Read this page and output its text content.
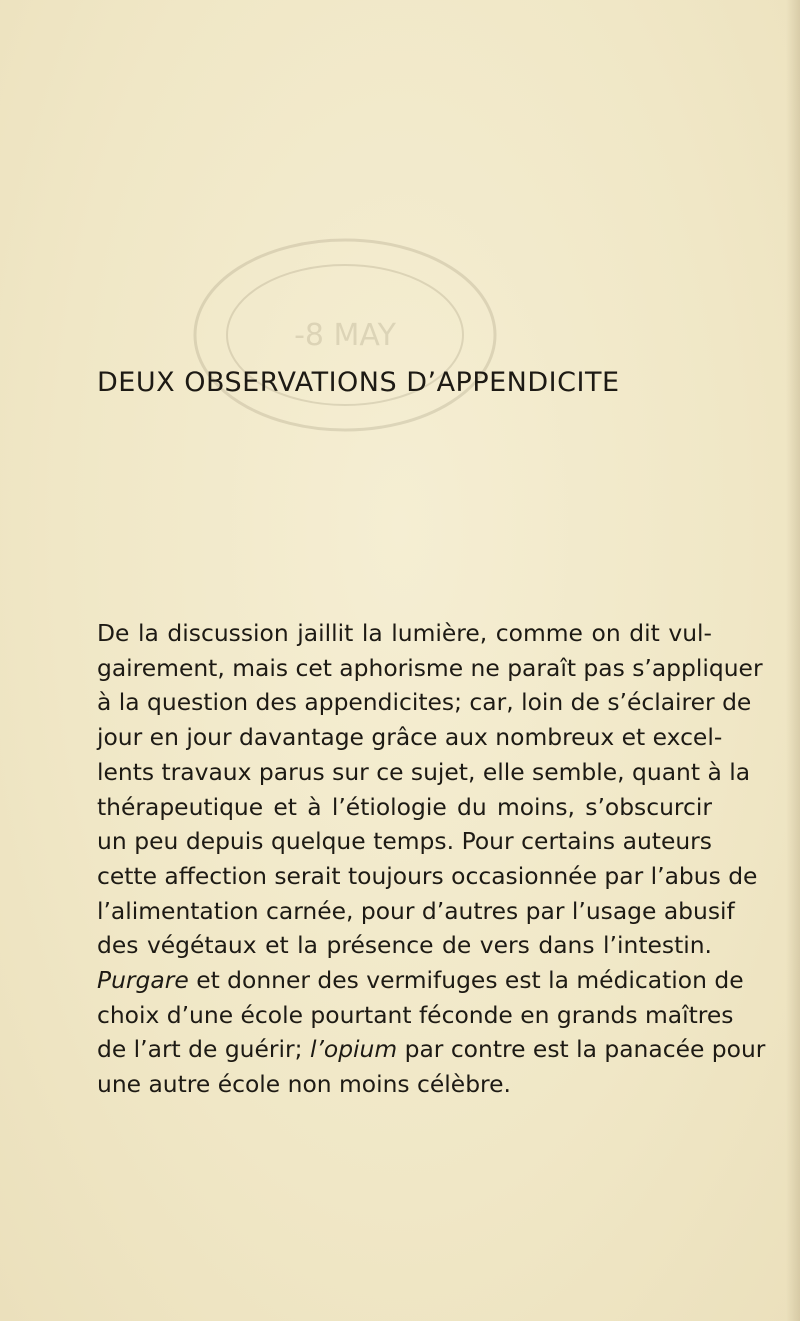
-8 MAY
DEUX OBSERVATIONS D’APPENDICITE

De la discussion jaillit la lumière, comme on dit vul-
gairement, mais cet aphorisme ne paraît pas s’appliquer
à la question des appendicites; car, loin de s’éclairer de
jour en jour davantage grâce aux nombreux et excel-
lents travaux parus sur ce sujet, elle semble, quant à la
thérapeutique et à l’étiologie du moins, s’obscurcir
un peu depuis quelque temps. Pour certains auteurs
cette affection serait toujours occasionnée par l’abus de
l’alimentation carnée, pour d’autres par l’usage abusif
des végétaux et la présence de vers dans l’intestin.
Purgare et donner des vermifuges est la médication de
choix d’une école pourtant féconde en grands maîtres
de l’art de guérir; l’opium par contre est la panacée pour
une autre école non moins célèbre.
